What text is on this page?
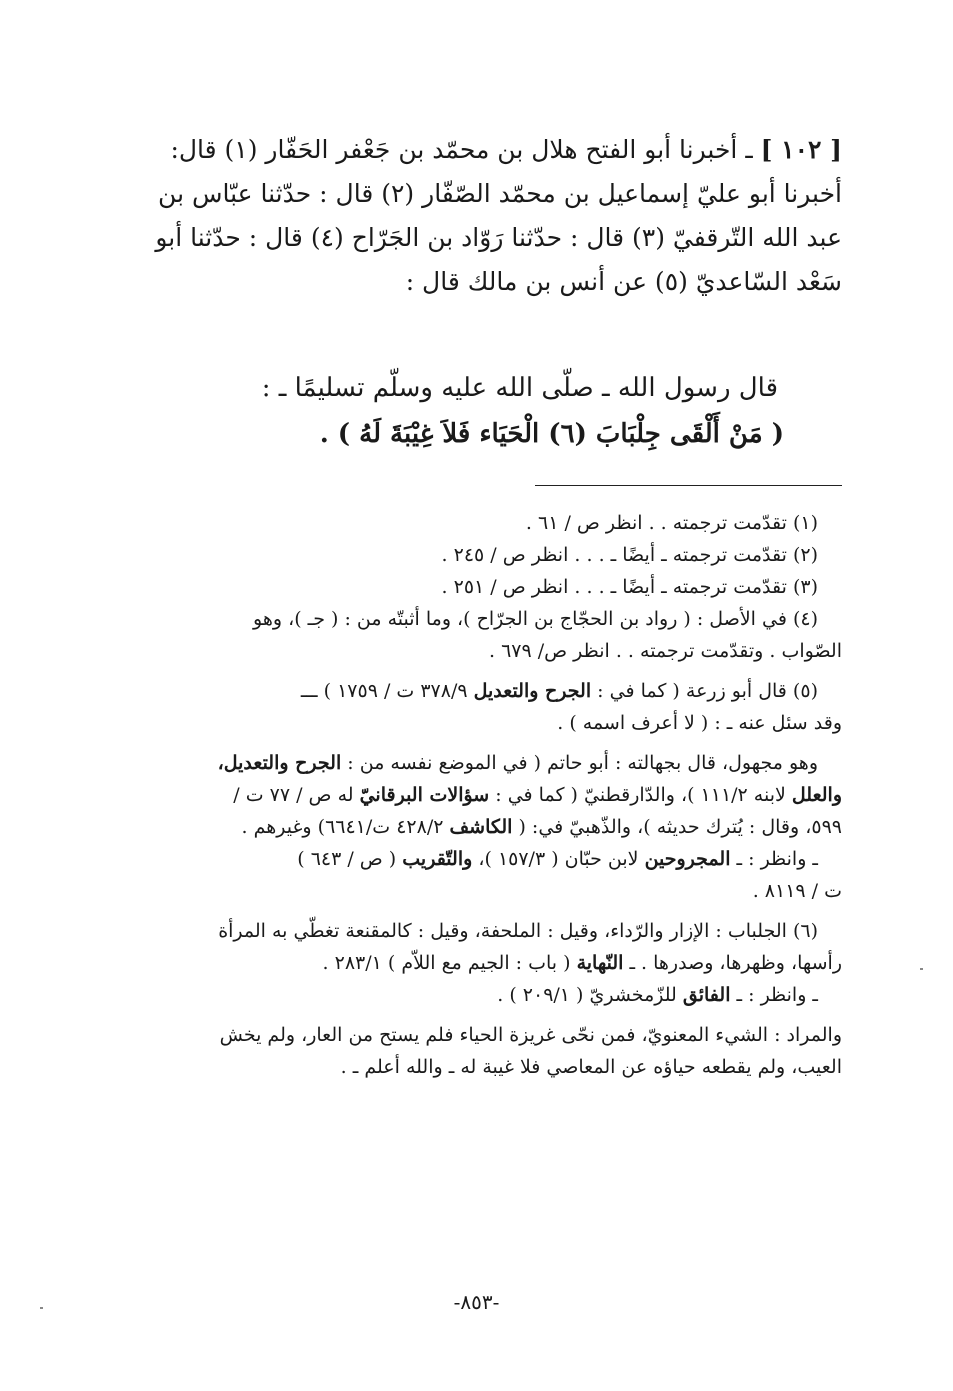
[ ١٠٢ ] ـ أخبرنا أبو الفتح هلال بن محمّد بن جَعْفر الحَفّار (١) قال:

أخبرنا أبو عليّ إسماعيل بن محمّد الصّفّار (٢) قال : حدّثنا عبّاس بن

عبد الله التّرقفيّ (٣) قال : حدّثنا رَوّاد بن الجَرّاح (٤) قال : حدّثنا أبو

سَعْد السّاعديّ (٥) عن أنس بن مالك قال :

قال رسول الله ـ صلّى الله عليه وسلّم تسليمًا ـ :

( مَنْ أَلْقَى جِلْبَابَ (٦) الْحَيَاء فَلاَ غِيْبَةَ لَهُ ) .

(١) تقدّمت ترجمته . . انظر ص / ٦١ .

(٢) تقدّمت ترجمته ـ أيضًا ـ . . . انظر ص / ٢٤٥ .

(٣) تقدّمت ترجمته ـ أيضًا ـ . . . انظر ص / ٢٥١ .

(٤) في الأصل : ( رواد بن الحجّاج بن الجرّاح )، وما أثبتّه من : ( جـ )، وهو

الصّواب . وتقدّمت ترجمته . . انظر ص/ ٦٧٩ .

(٥) قال أبو زرعة ( كما في : الجرح والتعديل ٣٧٨/٩ ت / ١٧٥٩ ) ـــ

وقد سئل عنه ـ : ( لا أعرف اسمه ) .

وهو مجهول، قال بجهالته : أبو حاتم ( في الموضع نفسه من : الجرح والتعديل،

والعلل لابنه ١١١/٢ )، والدّارقطنيّ ( كما في : سؤالات البرقانيّ له ص / ٧٧ ت /

٥٩٩، وقال : يُترك حديثه )، والذّهبيّ في: ( الكاشف ٤٢٨/٢ ت/٦٦٤١) وغيرهم .

ـ وانظر : ـ المجروحين لابن حبّان ( ١٥٧/٣ )، والتّقريب ( ص / ٦٤٣ )

ت / ٨١١٩ .

(٦) الجلباب : الإزار والرّداء، وقيل : الملحفة، وقيل : كالمقنعة تغطّي به المرأة

رأسها، وظهرها، وصدرها . ـ النّهاية ( باب : الجيم مع اللاّم ) ٢٨٣/١ .

ـ وانظر : ـ الفائق للزّمخشريّ ( ٢٠٩/١ ) .

والمراد : الشيء المعنويّ، فمن نحّى غريزة الحياء فلم يستح من العار، ولم يخش

العيب، ولم يقطعه حياؤه عن المعاصي فلا غيبة له ـ والله أعلم ـ .

-٨٥٣-
